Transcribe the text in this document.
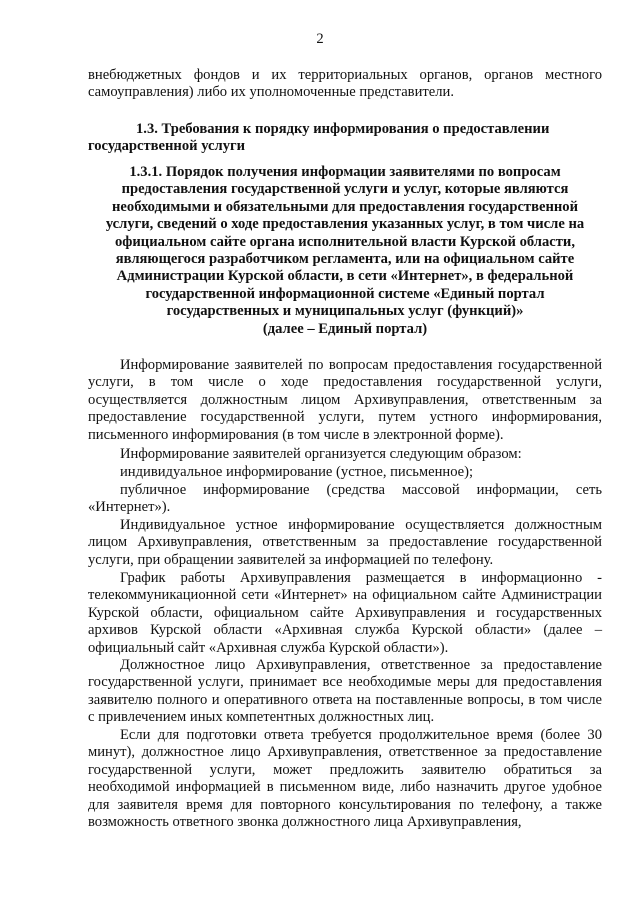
2
внебюджетных фондов и их территориальных органов, органов местного
самоуправления) либо их уполномоченные представители.
1.3. Требования к порядку информирования о предоставлении
государственной услуги
1.3.1. Порядок получения информации заявителями по вопросам
предоставления государственной услуги и услуг, которые являются
необходимыми и обязательными для предоставления государственной
услуги, сведений о ходе предоставления указанных услуг, в том числе на
официальном сайте органа исполнительной власти Курской области,
являющегося разработчиком регламента, или на официальном сайте
Администрации Курской области, в сети «Интернет», в федеральной
государственной информационной системе «Единый портал
государственных и муниципальных услуг (функций)»
(далее – Единый портал)

Информирование заявителей по вопросам предоставления государственной услуги, в том числе о ходе предоставления государственной услуги, осуществляется должностным лицом Архивуправления, ответственным за предоставление государственной услуги, путем устного информирования, письменного информирования (в том числе в электронной форме).

Информирование заявителей организуется следующим образом:

индивидуальное информирование (устное, письменное);

публичное информирование (средства массовой информации, сеть «Интернет»).

Индивидуальное устное информирование осуществляется должностным лицом Архивуправления, ответственным за предоставление государственной услуги, при обращении заявителей за информацией по телефону.

График работы Архивуправления размещается в информационно - телекоммуникационной сети «Интернет» на официальном сайте Администрации Курской области, официальном сайте Архивуправления и государственных архивов Курской области «Архивная служба Курской области» (далее – официальный сайт «Архивная служба Курской области»).

Должностное лицо Архивуправления, ответственное за предоставление государственной услуги, принимает все необходимые меры для предоставления заявителю полного и оперативного ответа на поставленные вопросы, в том числе с привлечением иных компетентных должностных лиц.

Если для подготовки ответа требуется продолжительное время (более 30 минут), должностное лицо Архивуправления, ответственное за предоставление государственной услуги, может предложить заявителю обратиться за необходимой информацией в письменном виде, либо назначить другое удобное для заявителя время для повторного консультирования по телефону, а также возможность ответного звонка должностного лица Архивуправления,
